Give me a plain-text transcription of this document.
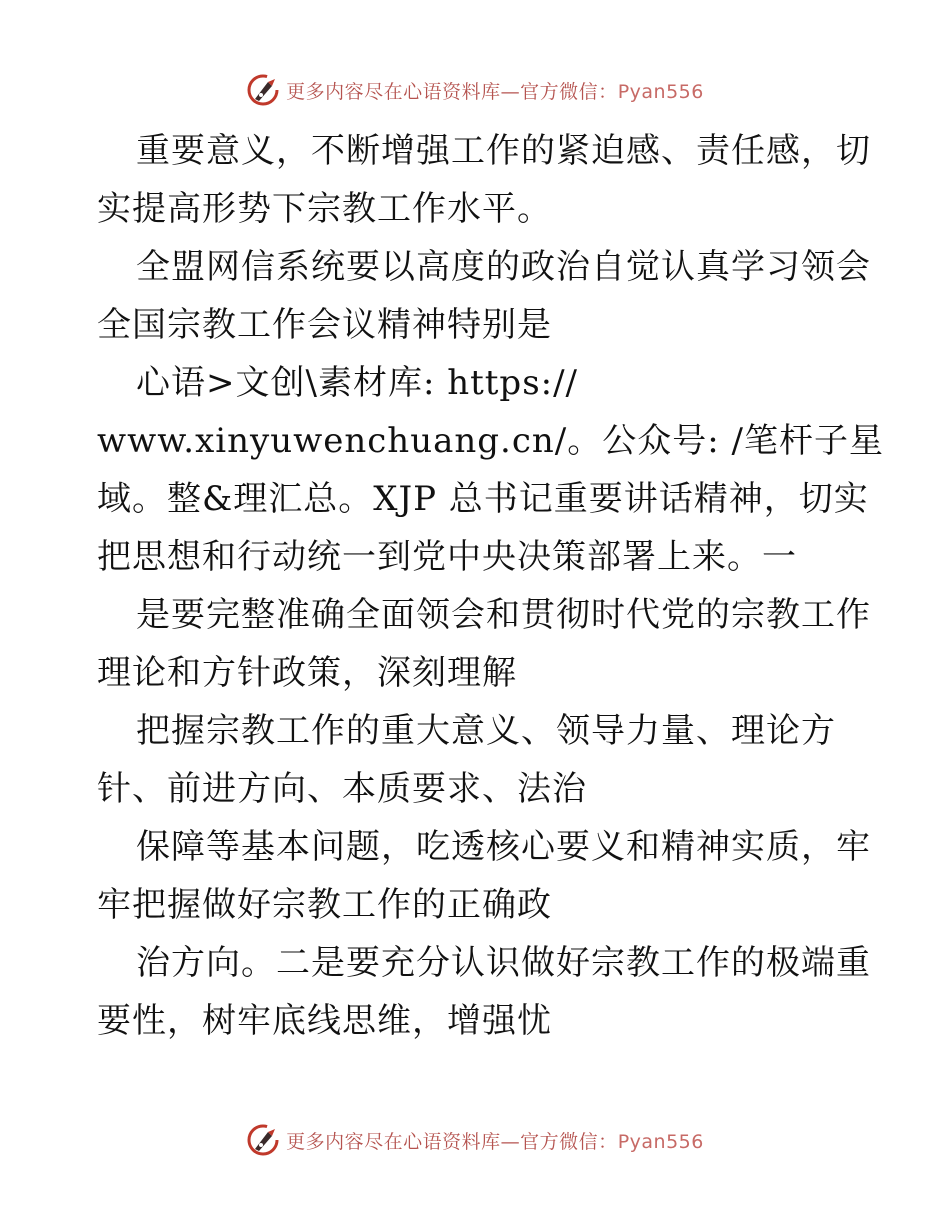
更多内容尽在心语资料库—官方微信：Pyan556
重要意义，不断增强工作的紧迫感、责任感，切
实提高形势下宗教工作水平。
全盟网信系统要以高度的政治自觉认真学习领会
全国宗教工作会议精神特别是
心语>文创\素材库: https://
www.xinyuwenchuang.cn/。公众号: /笔杆子星
域。整&理汇总。XJP 总书记重要讲话精神，切实
把思想和行动统一到党中央决策部署上来。一
是要完整准确全面领会和贯彻时代党的宗教工作
理论和方针政策，深刻理解
把握宗教工作的重大意义、领导力量、理论方
针、前进方向、本质要求、法治
保障等基本问题，吃透核心要义和精神实质，牢
牢把握做好宗教工作的正确政
治方向。二是要充分认识做好宗教工作的极端重
要性，树牢底线思维，增强忧
更多内容尽在心语资料库—官方微信：Pyan556
